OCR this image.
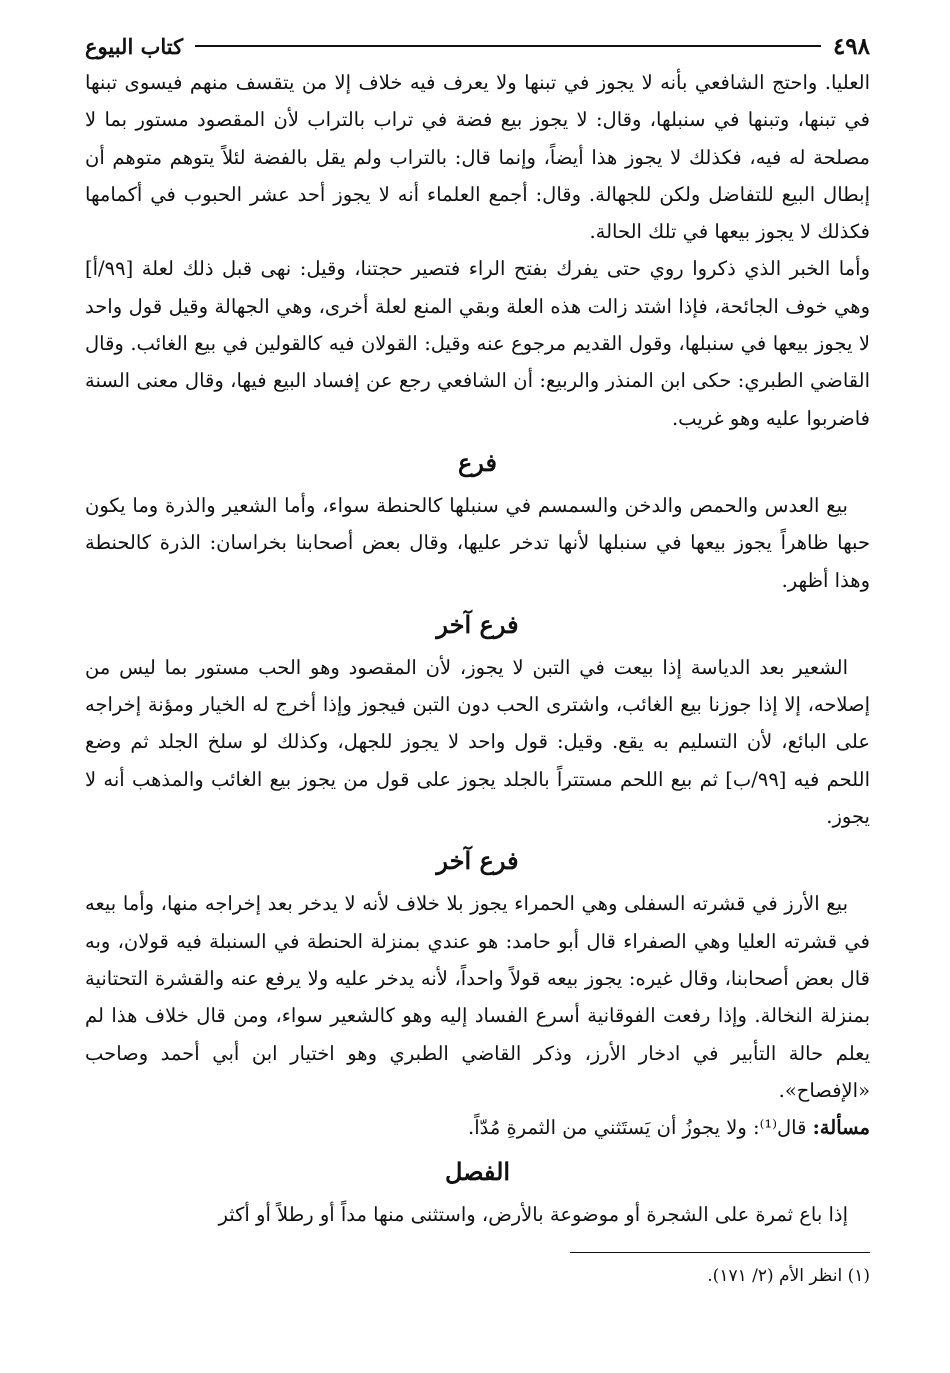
٤٩٨
كتاب البيوع

العليا. واحتج الشافعي بأنه لا يجوز في تبنها ولا يعرف فيه خلاف إلا من يتقسف منهم فيسوى تبنها في تبنها، وتبنها في سنبلها، وقال: لا يجوز بيع فضة في تراب بالتراب لأن المقصود مستور بما لا مصلحة له فيه، فكذلك لا يجوز هذا أيضاً، وإنما قال: بالتراب ولم يقل بالفضة لئلاً يتوهم متوهم أن إبطال البيع للتفاضل ولكن للجهالة. وقال: أجمع العلماء أنه لا يجوز أحد عشر الحبوب في أكمامها فكذلك لا يجوز بيعها في تلك الحالة.

وأما الخبر الذي ذكروا روي حتى يفرك بفتح الراء فتصير حجتنا، وقيل: نهى قبل ذلك لعلة [٩٩/أ] وهي خوف الجائحة، فإذا اشتد زالت هذه العلة وبقي المنع لعلة أخرى، وهي الجهالة وقيل قول واحد لا يجوز بيعها في سنبلها، وقول القديم مرجوع عنه وقيل: القولان فيه كالقولين في بيع الغائب. وقال القاضي الطبري: حكى ابن المنذر والربيع: أن الشافعي رجع عن إفساد البيع فيها، وقال معنى السنة فاضربوا عليه وهو غريب.

فرع

بيع العدس والحمص والدخن والسمسم في سنبلها كالحنطة سواء، وأما الشعير والذرة وما يكون حبها ظاهراً يجوز بيعها في سنبلها لأنها تدخر عليها، وقال بعض أصحابنا بخراسان: الذرة كالحنطة وهذا أظهر.

فرع آخر

الشعير بعد الدياسة إذا بيعت في التبن لا يجوز، لأن المقصود وهو الحب مستور بما ليس من إصلاحه، إلا إذا جوزنا بيع الغائب، واشترى الحب دون التبن فيجوز وإذا أخرج له الخيار ومؤنة إخراجه على البائع، لأن التسليم به يقع. وقيل: قول واحد لا يجوز للجهل، وكذلك لو سلخ الجلد ثم وضع اللحم فيه [٩٩/ب] ثم بيع اللحم مستتراً بالجلد يجوز على قول من يجوز بيع الغائب والمذهب أنه لا يجوز.

فرع آخر

بيع الأرز في قشرته السفلى وهي الحمراء يجوز بلا خلاف لأنه لا يدخر بعد إخراجه منها، وأما بيعه في قشرته العليا وهي الصفراء قال أبو حامد: هو عندي بمنزلة الحنطة في السنبلة فيه قولان، وبه قال بعض أصحابنا، وقال غيره: يجوز بيعه قولاً واحداً، لأنه يدخر عليه ولا يرفع عنه والقشرة التحتانية بمنزلة النخالة. وإذا رفعت الفوقانية أسرع الفساد إليه وهو كالشعير سواء، ومن قال خلاف هذا لم يعلم حالة التأبير في ادخار الأرز، وذكر القاضي الطبري وهو اختيار ابن أبي أحمد وصاحب «الإفصاح».

مسألة: قال⁽¹⁾: ولا يجوزُ أن يَستَثني من الثمرةِ مُدّاً.

الفصل

إذا باع ثمرة على الشجرة أو موضوعة بالأرض، واستثنى منها مداً أو رطلاً أو أكثر

(١) انظر الأم (٢/ ١٧١).
